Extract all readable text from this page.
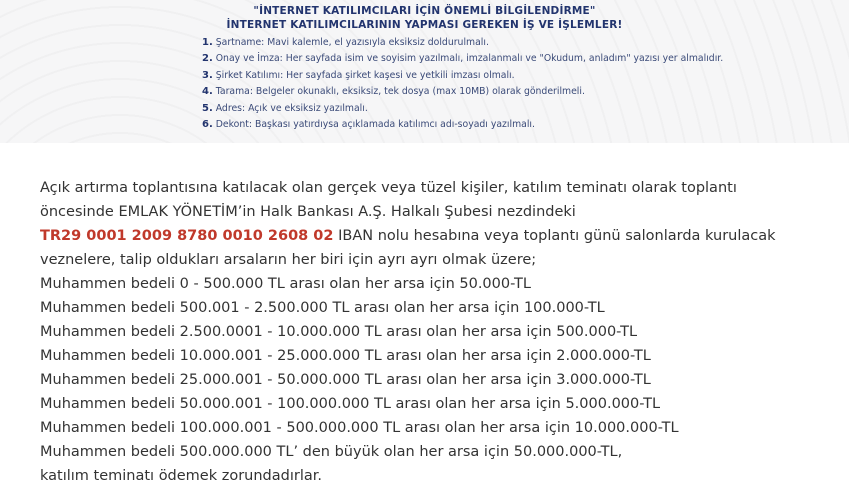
"İNTERNET KATILIMCILARI İÇİN ÖNEMLİ BİLGİLENDİRME"
İNTERNET KATILIMCILARININ YAPMASI GEREKEN İŞ VE İŞLEMLER!
1. Şartname: Mavi kalemle, el yazısıyla eksiksiz doldurulmalı.
2. Onay ve İmza: Her sayfada isim ve soyisim yazılmalı, imzalanmalı ve "Okudum, anladım" yazısı yer almalıdır.
3. Şirket Katılımı: Her sayfada şirket kaşesi ve yetkili imzası olmalı.
4. Tarama: Belgeler okunaklı, eksiksiz, tek dosya (max 10MB) olarak gönderilmeli.
5. Adres: Açık ve eksiksiz yazılmalı.
6. Dekont: Başkası yatırdıysa açıklamada katılımcı adı-soyadı yazılmalı.
Açık artırma toplantısına katılacak olan gerçek veya tüzel kişiler, katılım teminatı olarak toplantı
öncesinde EMLAK YÖNETİM’in Halk Bankası A.Ş. Halkalı Şubesi nezdindeki
TR29 0001 2009 8780 0010 2608 02 IBAN nolu hesabına veya toplantı günü salonlarda kurulacak
veznelere, talip oldukları arsaların her biri için ayrı ayrı olmak üzere;
Muhammen bedeli 0 - 500.000 TL arası olan her arsa için 50.000-TL
Muhammen bedeli 500.001 - 2.500.000 TL arası olan her arsa için 100.000-TL
Muhammen bedeli 2.500.0001 - 10.000.000 TL arası olan her arsa için 500.000-TL
Muhammen bedeli 10.000.001 - 25.000.000 TL arası olan her arsa için 2.000.000-TL
Muhammen bedeli 25.000.001 - 50.000.000 TL arası olan her arsa için 3.000.000-TL
Muhammen bedeli 50.000.001 - 100.000.000 TL arası olan her arsa için 5.000.000-TL
Muhammen bedeli 100.000.001 - 500.000.000 TL arası olan her arsa için 10.000.000-TL
Muhammen bedeli 500.000.000 TL’ den büyük olan her arsa için 50.000.000-TL,
katılım teminatı ödemek zorundadırlar.
